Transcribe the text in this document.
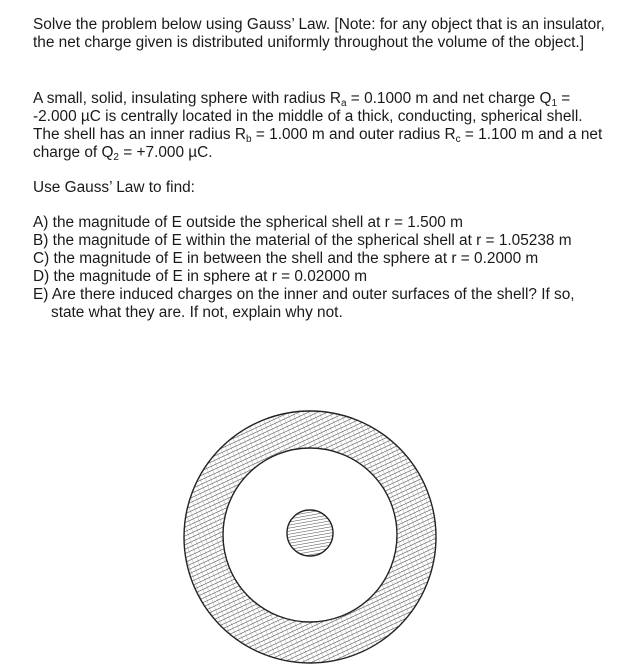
Solve the problem below using Gauss’ Law. [Note: for any object that is an insulator, the net charge given is distributed uniformly throughout the volume of the object.]

A small, solid, insulating sphere with radius $R_a = 0.1000$ m and net charge $Q_1 = -2.000$ µC is centrally located in the middle of a thick, conducting, spherical shell. The shell has an inner radius $R_b = 1.000$ m and outer radius $R_c = 1.100$ m and a net charge of $Q_2 = +7.000$ µC.

Use Gauss’ Law to find:

A) the magnitude of E outside the spherical shell at r = 1.500 m
B) the magnitude of E within the material of the spherical shell at r = 1.05238 m
C) the magnitude of E in between the shell and the sphere at r = 0.2000 m
D) the magnitude of E in sphere at r = 0.02000 m
E) Are there induced charges on the inner and outer surfaces of the shell? If so,
state what they are. If not, explain why not.
